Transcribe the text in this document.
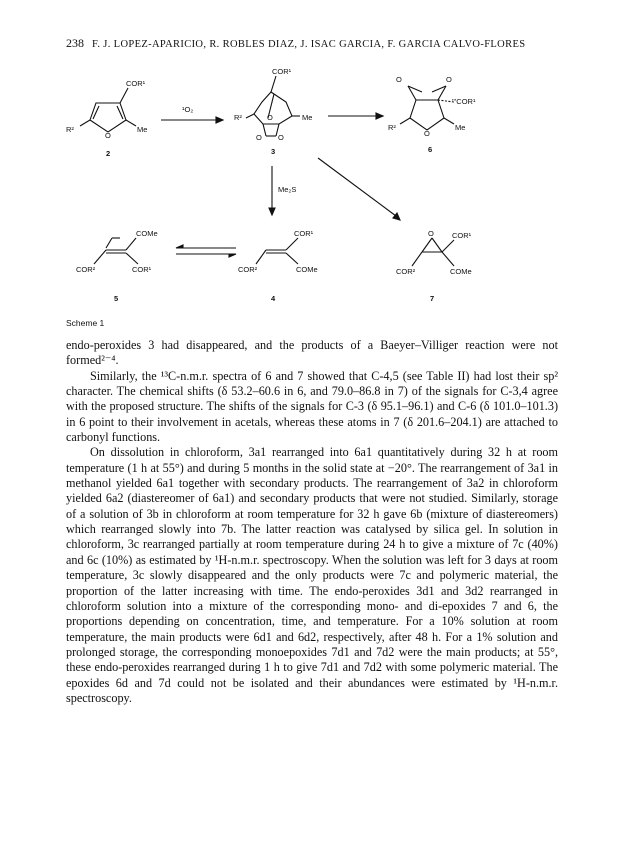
238 F. J. LOPEZ-APARICIO, R. ROBLES DIAZ, J. ISAC GARCIA, F. GARCIA CALVO-FLORES
COR¹
O
Me
R²
2
¹O₂
COR¹
O	Me
R²
O O
3
O	O
'''COR¹
O
Me
R²
6
Me₂S
COMe
COR²	COR¹
5
COR¹
COR²	COMe
4
O COR¹
COR²	COMe
7
Scheme 1

endo-peroxides 3 had disappeared, and the products of a Baeyer–Villiger reaction were not formed²⁻⁴.

Similarly, the ¹³C-n.m.r. spectra of 6 and 7 showed that C-4,5 (see Table II) had lost their sp² character. The chemical shifts (δ 53.2–60.6 in 6, and 79.0–86.8 in 7) of the signals for C-3,4 agree with the proposed structure. The shifts of the signals for C-3 (δ 95.1–96.1) and C-6 (δ 101.0–101.3) in 6 point to their involvement in acetals, whereas these atoms in 7 (δ 201.6–204.1) are attached to carbonyl functions.

On dissolution in chloroform, 3a1 rearranged into 6a1 quantitatively during 32 h at room temperature (1 h at 55°) and during 5 months in the solid state at −20°. The rearrangement of 3a1 in methanol yielded 6a1 together with secondary products. The rearrangement of 3a2 in chloroform yielded 6a2 (diastereomer of 6a1) and secondary products that were not studied. Similarly, storage of a solution of 3b in chloroform at room temperature for 32 h gave 6b (mixture of diastereomers) which rearranged slowly into 7b. The latter reaction was catalysed by silica gel. In solution in chloroform, 3c rearranged partially at room temperature during 24 h to give a mixture of 7c (40%) and 6c (10%) as estimated by ¹H-n.m.r. spectroscopy. When the solution was left for 3 days at room temperature, 3c slowly disappeared and the only products were 7c and polymeric material, the proportion of the latter increasing with time. The endo-peroxides 3d1 and 3d2 rearranged in chloroform solution into a mixture of the corresponding mono- and di-epoxides 7 and 6, the proportions depending on concentration, time, and temperature. For a 10% solution at room temperature, the main products were 6d1 and 6d2, respectively, after 48 h. For a 1% solution and prolonged storage, the corresponding monoepoxides 7d1 and 7d2 were the main products; at 55°, these endo-peroxides rearranged during 1 h to give 7d1 and 7d2 with some polymeric material. The epoxides 6d and 7d could not be isolated and their abundances were estimated by ¹H-n.m.r. spectroscopy.
